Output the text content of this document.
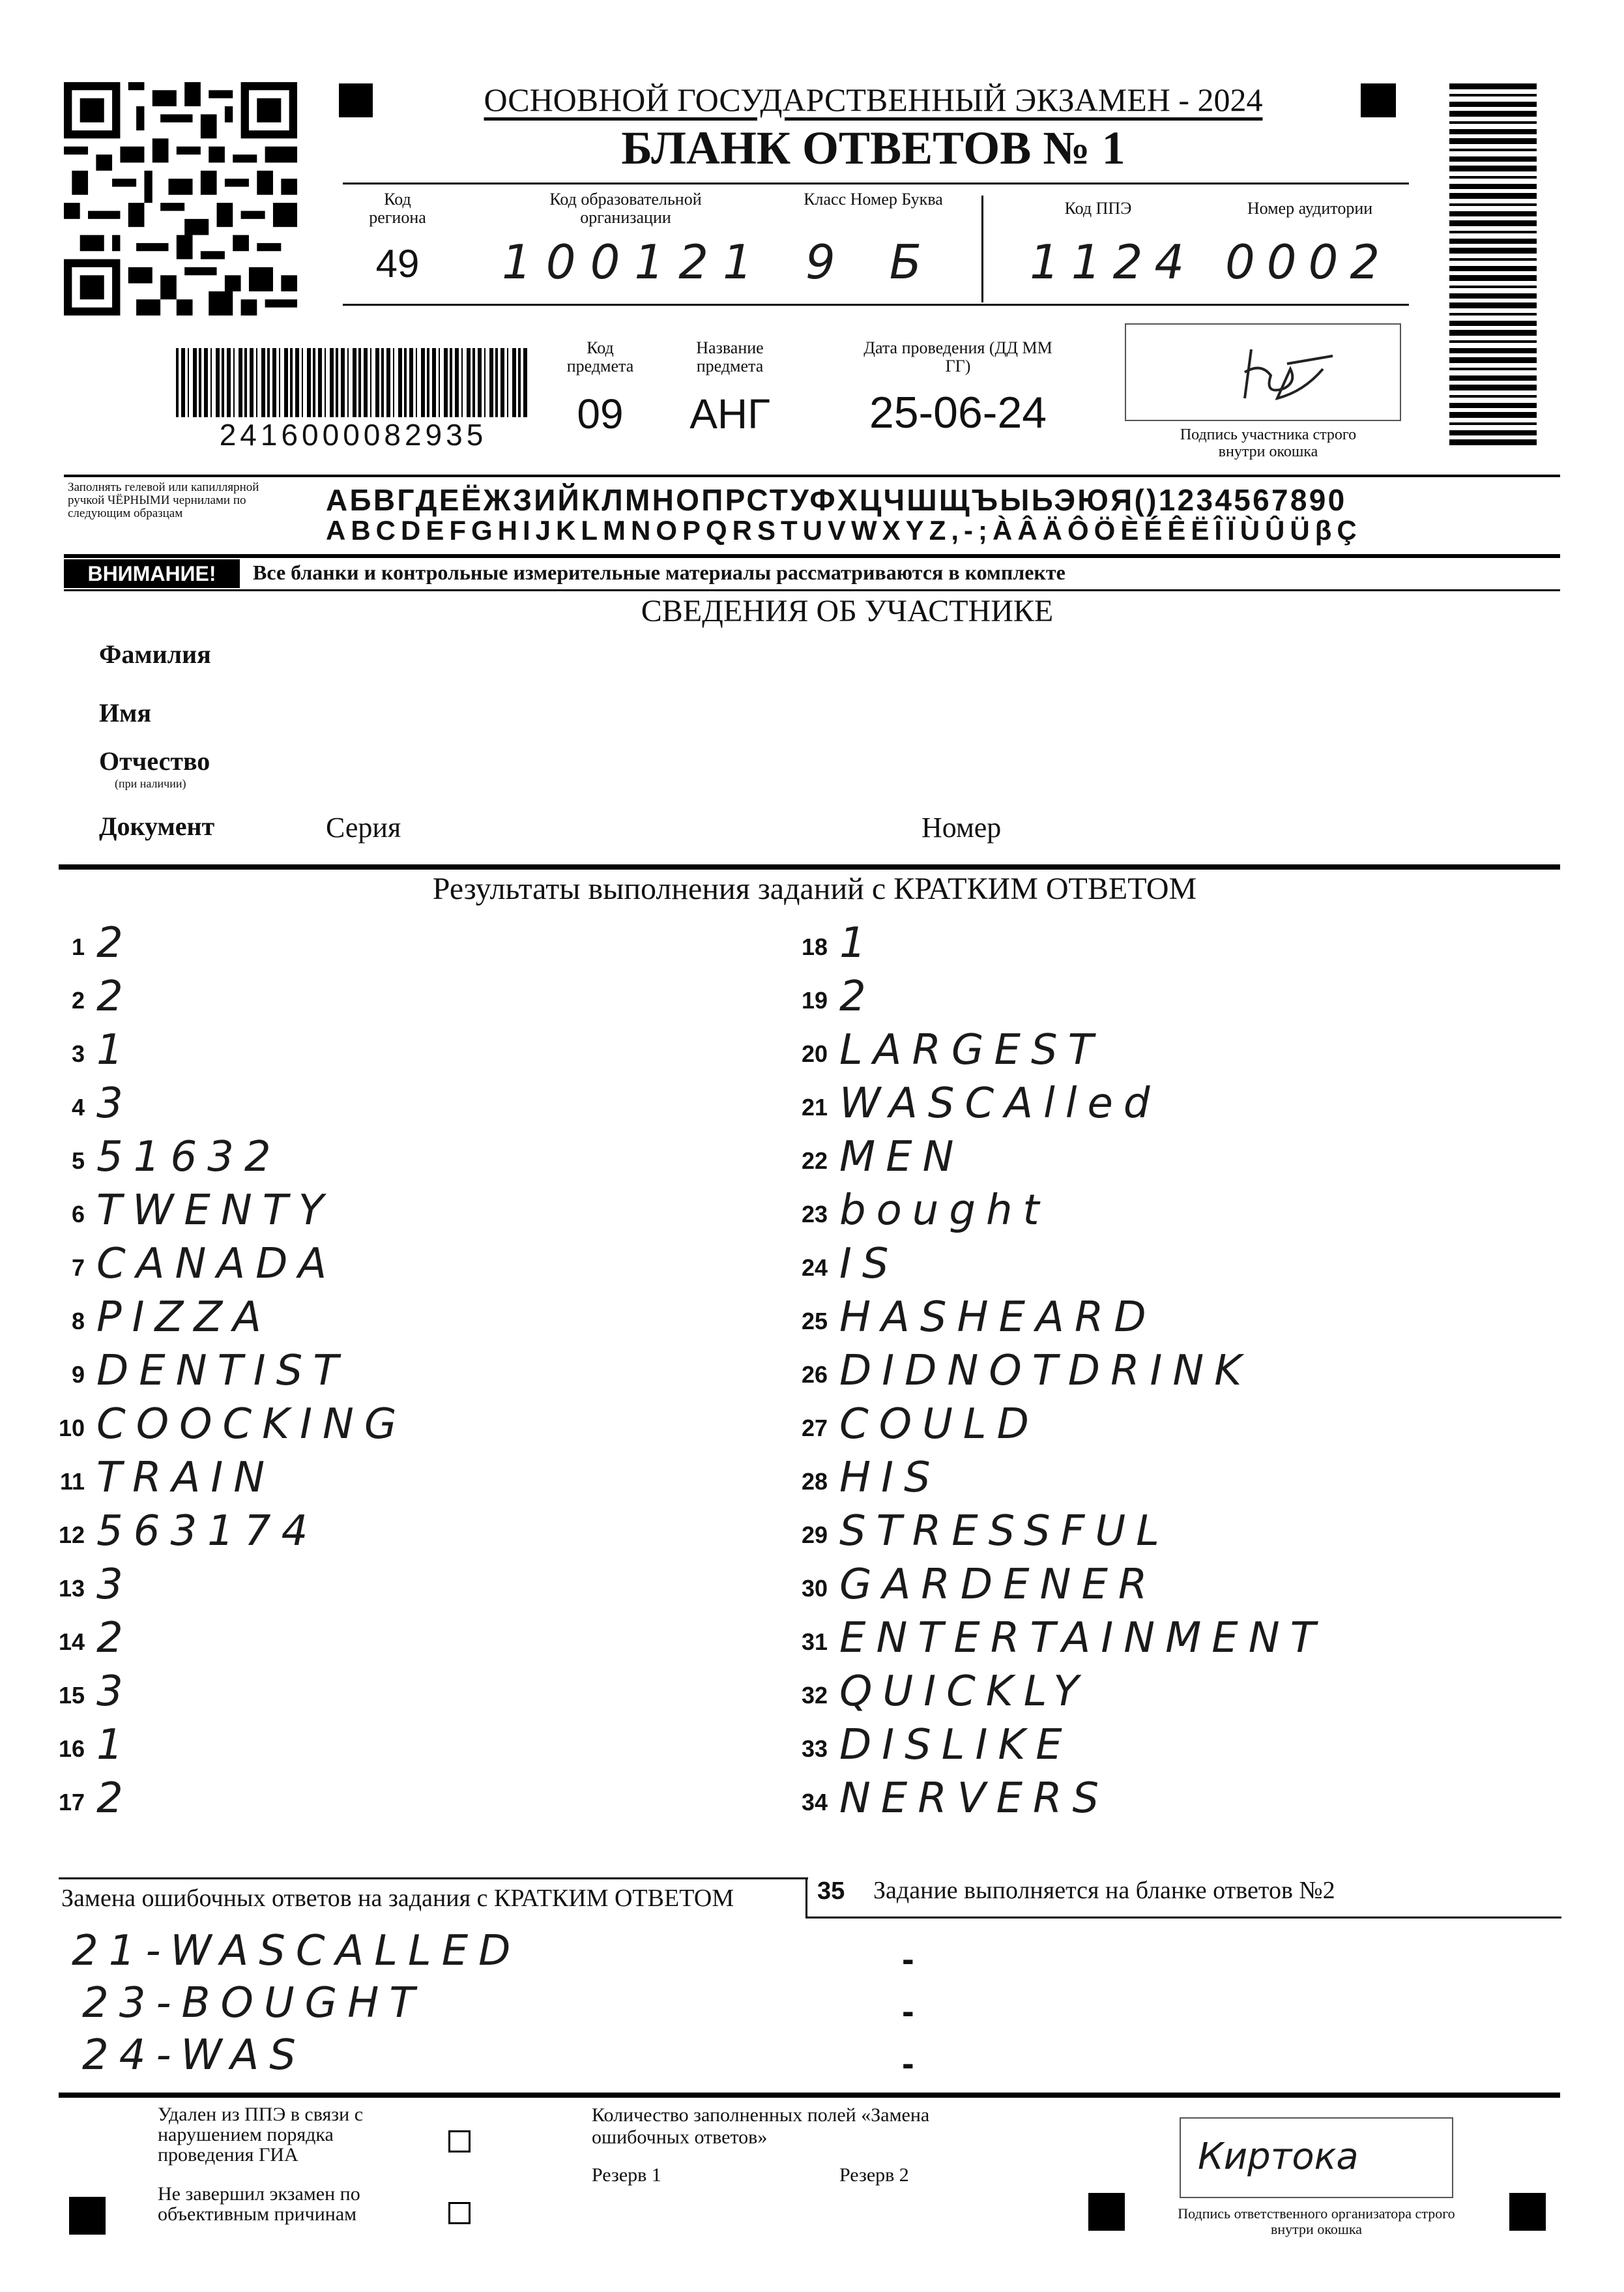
ОСНОВНОЙ ГОСУДАРСТВЕННЫЙ ЭКЗАМЕН - 2024
БЛАНК ОТВЕТОВ № 1
Код региона
49
Код образовательной организации
100121
Класс Номер Буква
9 Б
Код ППЭ
1124
Номер аудитории
0002
2416000082935
Код предмета
09
Название предмета
АНГ
Дата проведения (ДД ММ ГГ)
25-06-24	Подпись участника строго внутри окошка
Заполнять гелевой или капиллярной ручкой ЧЁРНЫМИ чернилами по следующим образцам	АБВГДЕЁЖЗИЙКЛМНОПРСТУФХЦЧШЩЪЫЬЭЮЯ()1234567890
ABCDEFGHIJKLMNOPQRSTUVWXYZ,-;ÀÂÄÔÖÈÉÊËÎÏÙÛÜβÇ
ВНИМАНИЕ!	Все бланки и контрольные измерительные материалы рассматриваются в комплекте
СВЕДЕНИЯ ОБ УЧАСТНИКЕ
Фамилия
Имя
Отчество
(при наличии)
Документ	Серия	Номер
Результаты выполнения заданий с КРАТКИМ ОТВЕТОМ
1 2
2 2
3 1
4 3
5 51632
6 TWENTY
7 CANADA
8 PIZZA
9 DENTIST
10 COOCKING
11 TRAIN
12 563174
13 3
14 2
15 3
16 1
17 2
18 1
19 2
20 LARGEST
21 WASCAlled
22 MEN
23 bought
24 IS
25 HASHEARD
26 DIDNOTDRINK
27 COULD
28 HIS
29 STRESSFUL
30 GARDENER
31 ENTERTAINMENT
32 QUICKLY
33 DISLIKE
34 NERVERS
Замена ошибочных ответов на задания с КРАТКИМ ОТВЕТОМ	35 Задание выполняется на бланке ответов №2
21-WASCALLED
23-BOUGHT
24-WAS
-
-
-
Удален из ППЭ в связи с нарушением порядка проведения ГИА
Не завершил экзамен по объективным причинам
Количество заполненных полей «Замена ошибочных ответов»
Резерв 1	Резерв 2	Киртока
Подпись ответственного организатора строго внутри окошка
